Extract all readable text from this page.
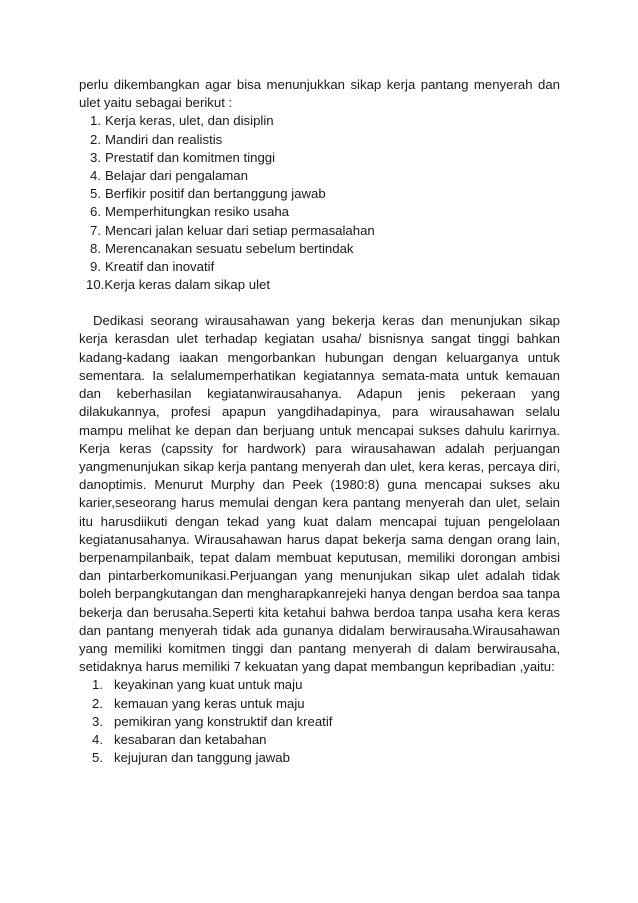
perlu dikembangkan agar bisa menunjukkan sikap kerja pantang menyerah dan ulet yaitu sebagai berikut :

1. Kerja keras, ulet, dan disiplin
2. Mandiri dan realistis
3. Prestatif dan komitmen tinggi
4. Belajar dari pengalaman
5. Berfikir positif dan bertanggung jawab
6. Memperhitungkan resiko usaha
7. Mencari jalan keluar dari setiap permasalahan
8. Merencanakan sesuatu sebelum bertindak
9. Kreatif dan inovatif
10.Kerja keras dalam sikap ulet

Dedikasi seorang wirausahawan yang bekerja keras dan menunjukan sikap kerja kerasdan ulet terhadap kegiatan usaha/ bisnisnya sangat tinggi bahkan kadang-kadang iaakan mengorbankan hubungan dengan keluarganya untuk sementara. Ia selalumemperhatikan kegiatannya semata-mata untuk kemauan dan keberhasilan kegiatanwirausahanya. Adapun jenis pekeraan yang dilakukannya, profesi apapun yangdihadapinya, para wirausahawan selalu mampu melihat ke depan dan berjuang untuk mencapai sukses dahulu karirnya. Kerja keras (capssity for hardwork) para wirausahawan adalah perjuangan yangmenunjukan sikap kerja pantang menyerah dan ulet, kera keras, percaya diri, danoptimis. Menurut Murphy dan Peek (1980:8) guna mencapai sukses aku karier,seseorang harus memulai dengan kera pantang menyerah dan ulet, selain itu harusdiikuti dengan tekad yang kuat dalam mencapai tujuan pengelolaan kegiatanusahanya. Wirausahawan harus dapat bekerja sama dengan orang lain, berpenampilanbaik, tepat dalam membuat keputusan, memiliki dorongan ambisi dan pintarberkomunikasi.Perjuangan yang menunjukan sikap ulet adalah tidak boleh berpangkutangan dan mengharapkanrejeki hanya dengan berdoa saa tanpa bekerja dan berusaha.Seperti kita ketahui bahwa berdoa tanpa usaha kera keras dan pantang menyerah tidak ada gunanya didalam berwirausaha.Wirausahawan yang memiliki komitmen tinggi dan pantang menyerah di dalam berwirausaha, setidaknya harus memiliki 7 kekuatan yang dapat membangun kepribadian ,yaitu:

1. keyakinan yang kuat untuk maju
2. kemauan yang keras untuk maju
3. pemikiran yang konstruktif dan kreatif
4. kesabaran dan ketabahan
5. kejujuran dan tanggung jawab
